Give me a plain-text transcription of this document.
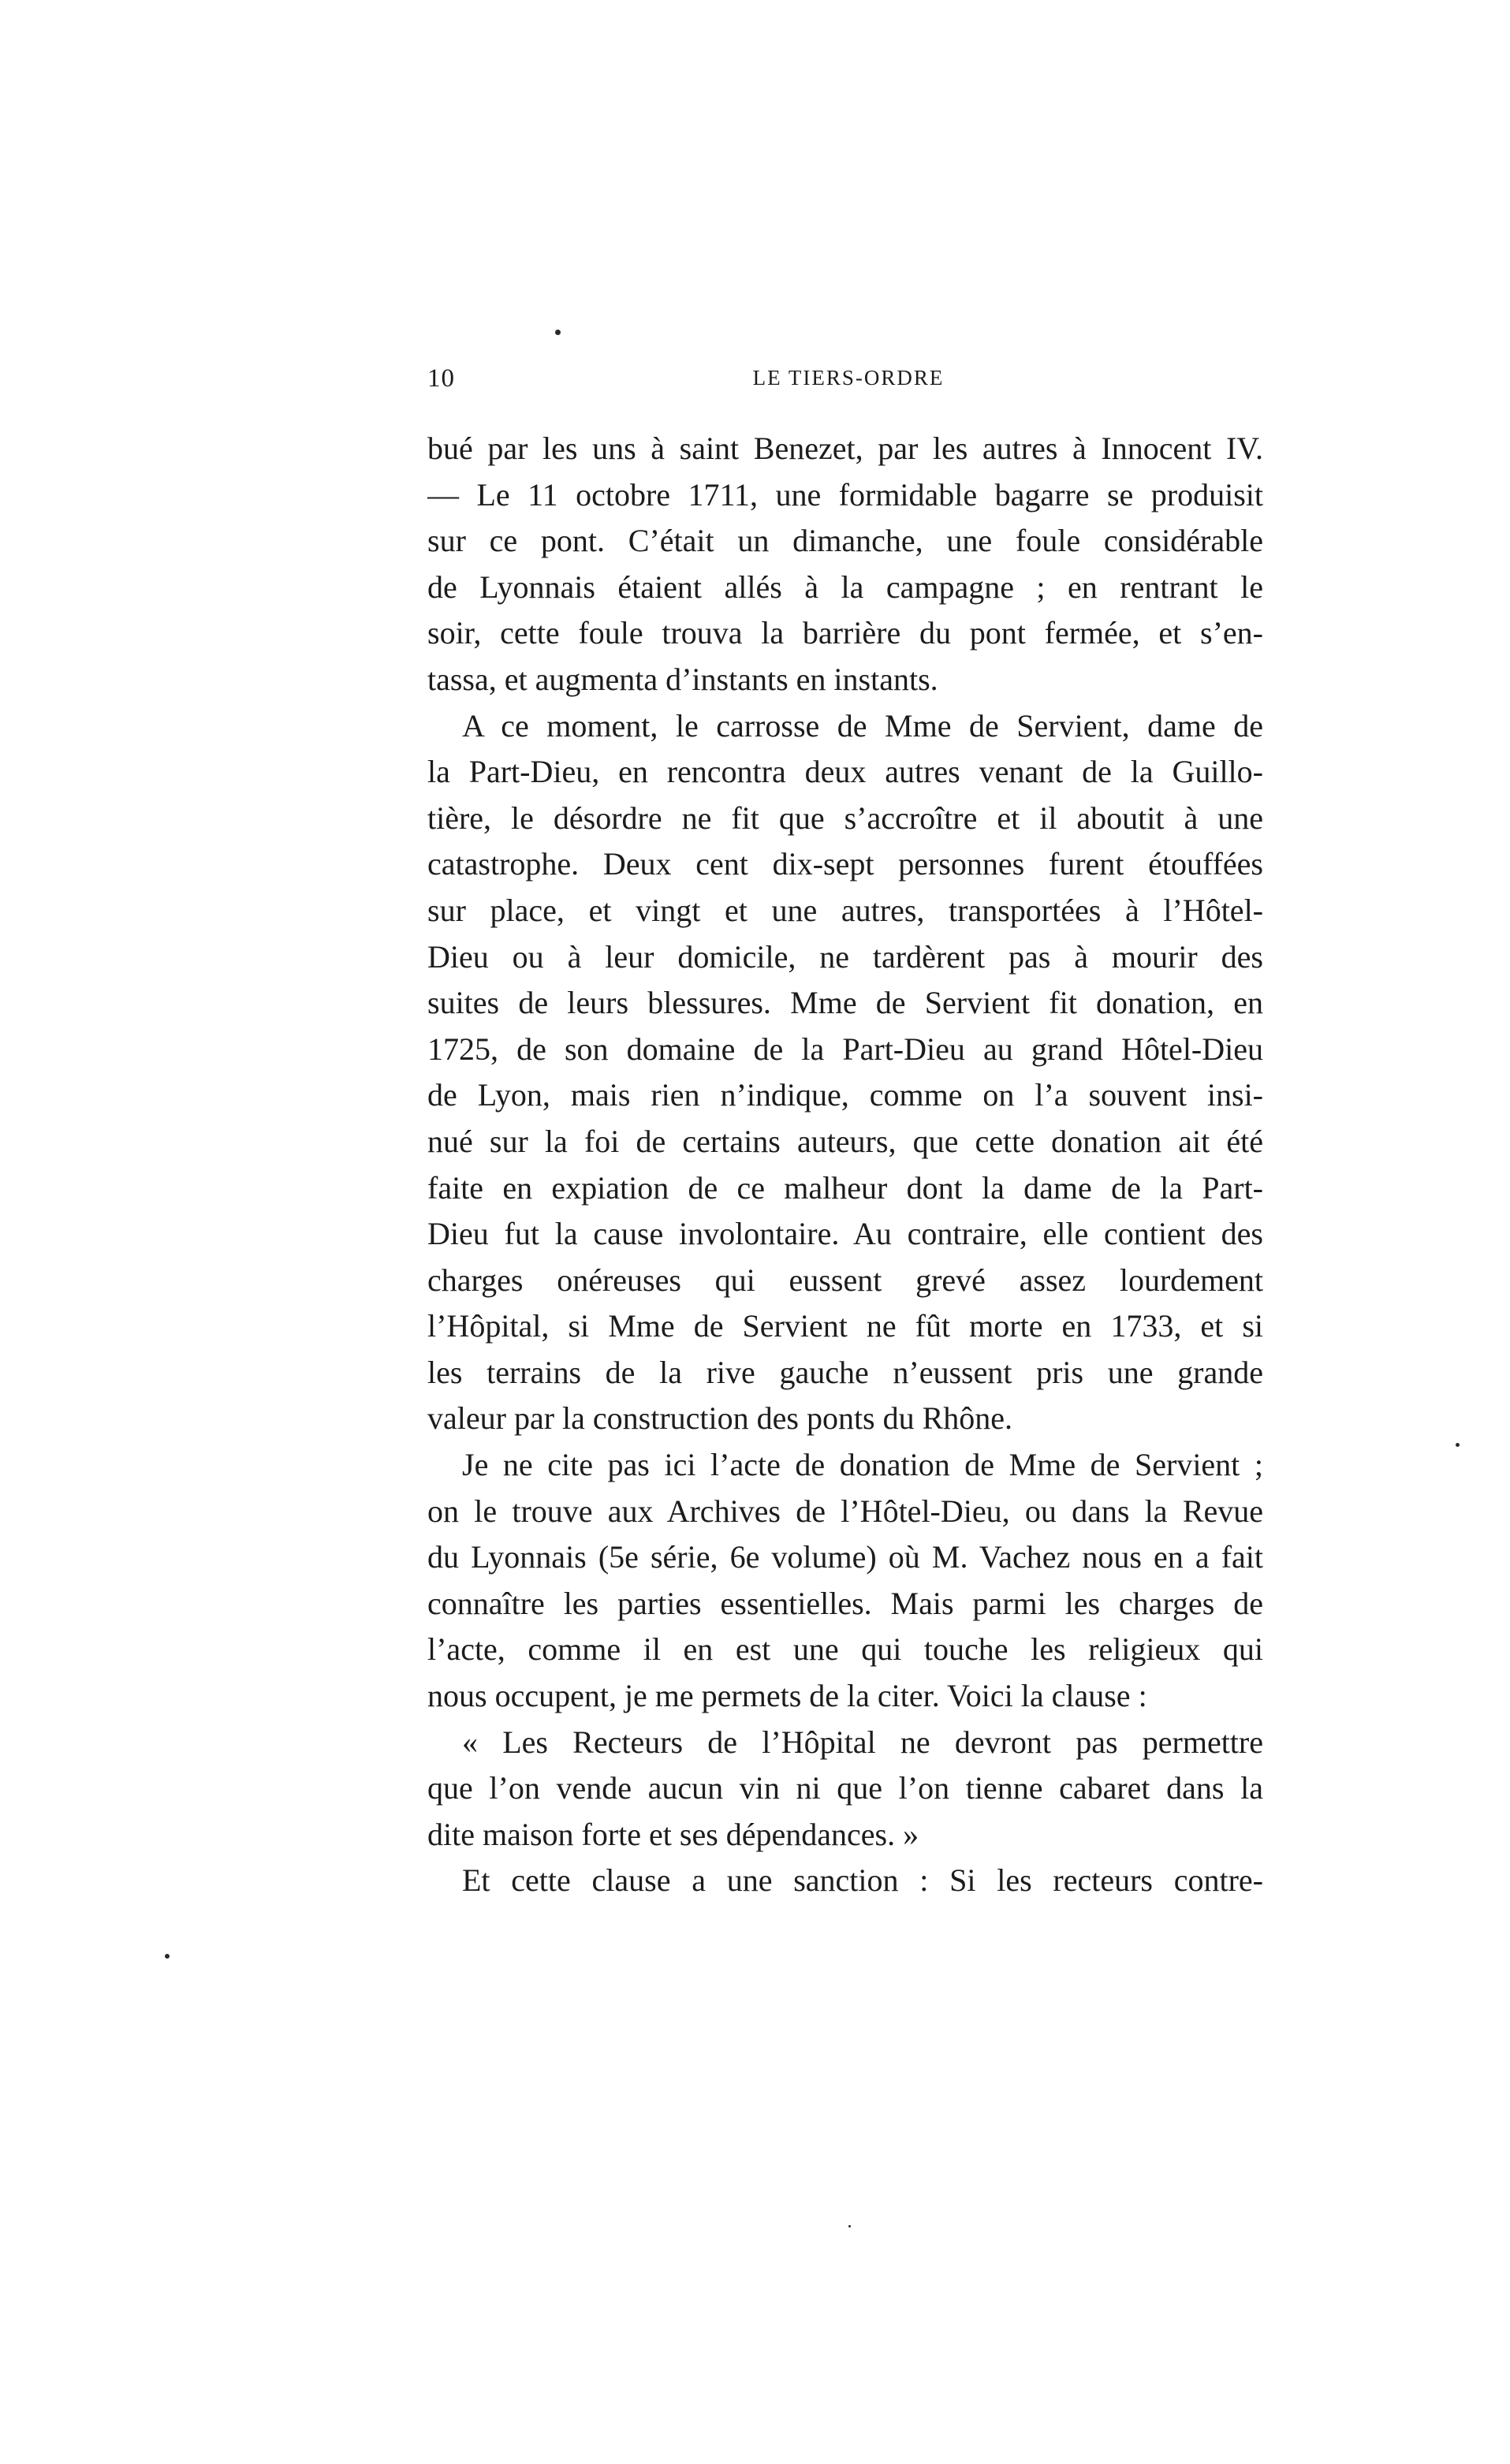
10	LE TIERS-ORDRE
bué par les uns à saint Benezet, par les autres à Innocent IV.
— Le 11 octobre 1711, une formidable bagarre se produisit
sur ce pont. C’était un dimanche, une foule considérable
de Lyonnais étaient allés à la campagne ; en rentrant le
soir, cette foule trouva la barrière du pont fermée, et s’en-
tassa, et augmenta d’instants en instants.
A ce moment, le carrosse de Mme de Servient, dame de
la Part-Dieu, en rencontra deux autres venant de la Guillo-
tière, le désordre ne fit que s’accroître et il aboutit à une
catastrophe. Deux cent dix-sept personnes furent étouffées
sur place, et vingt et une autres, transportées à l’Hôtel-
Dieu ou à leur domicile, ne tardèrent pas à mourir des
suites de leurs blessures. Mme de Servient fit donation, en
1725, de son domaine de la Part-Dieu au grand Hôtel-Dieu
de Lyon, mais rien n’indique, comme on l’a souvent insi-
nué sur la foi de certains auteurs, que cette donation ait été
faite en expiation de ce malheur dont la dame de la Part-
Dieu fut la cause involontaire. Au contraire, elle contient des
charges onéreuses qui eussent grevé assez lourdement
l’Hôpital, si Mme de Servient ne fût morte en 1733, et si
les terrains de la rive gauche n’eussent pris une grande
valeur par la construction des ponts du Rhône.
Je ne cite pas ici l’acte de donation de Mme de Servient ;
on le trouve aux Archives de l’Hôtel-Dieu, ou dans la Revue
du Lyonnais (5e série, 6e volume) où M. Vachez nous en a fait
connaître les parties essentielles. Mais parmi les charges de
l’acte, comme il en est une qui touche les religieux qui
nous occupent, je me permets de la citer. Voici la clause :
« Les Recteurs de l’Hôpital ne devront pas permettre
que l’on vende aucun vin ni que l’on tienne cabaret dans la
dite maison forte et ses dépendances. »
Et cette clause a une sanction : Si les recteurs contre-
